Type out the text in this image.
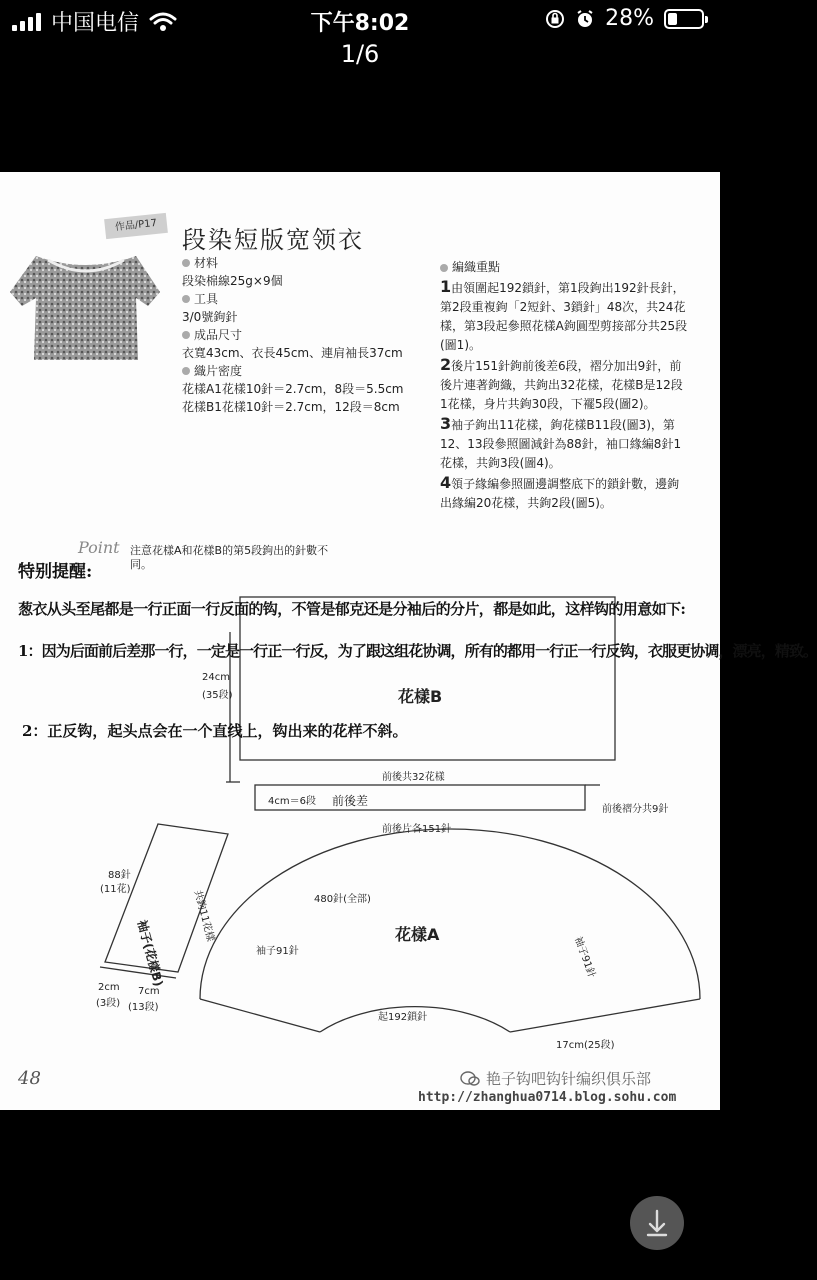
中国电信	下午8:02	28%
1/6
作品/P17
段染短版宽领衣
材料
段染棉線25g×9個
工具
3/0號鉤針
成品尺寸
衣寬43cm、衣長45cm、連肩袖長37cm
織片密度
花樣A1花樣10針＝2.7cm，8段＝5.5cm
花樣B1花樣10針＝2.7cm，12段＝8cm
編織重點
1由領圍起192鎖針，第1段鉤出192針長針，第2段重複鉤「2短針、3鎖針」48次，共24花樣，第3段起參照花樣A鉤圓型剪接部分共25段(圖1)。
2後片151針鉤前後差6段，褶分加出9針，前後片連著鉤織，共鉤出32花樣，花樣B是12段1花樣，身片共鉤30段，下襬5段(圖2)。
3袖子鉤出11花樣，鉤花樣B11段(圖3)，第12、13段參照圖減針為88針，袖口緣編8針1花樣，共鉤3段(圖4)。
4領子緣編參照圖邊調整底下的鎖針數，邊鉤出緣編20花樣，共鉤2段(圖5)。
Point 注意花樣A和花樣B的第5段鉤出的針數不同。
特别提醒:
葱衣从头至尾都是一行正面一行反面的钩，不管是郁克还是分袖后的分片，都是如此，这样钩的用意如下:
1：因为后面前后差那一行，一定是一行正一行反，为了跟这组花协调，所有的都用一行正一行反钩，衣服更协调，漂亮，精致。
2：正反钩，起头点会在一个直线上，钩出来的花样不斜。
24cm
(35段)	花樣B
前後共32花樣
4cm＝6段 前後差
前後褶分共9針
88針
(11花)
袖子(花樣B)
共鉤11花樣
2cm
(3段)
7cm
(13段)
前後片各151針
480針(全部)
花樣A
袖子91針	袖子91針
起192鎖針
17cm(25段)
48	艳子钩吧钩针编织俱乐部
http://zhanghua0714.blog.sohu.com
